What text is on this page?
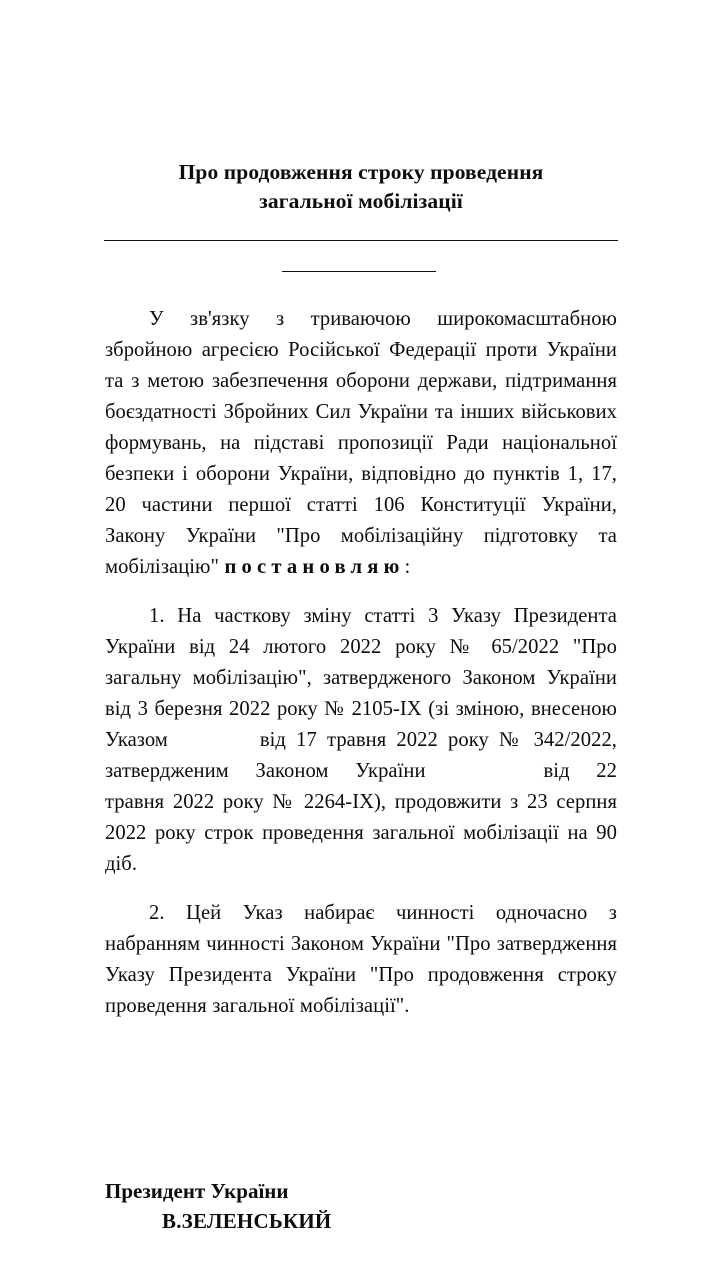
Про продовження строку проведення
загальної мобілізації

У зв'язку з триваючою широкомасштабною збройною агресією Російської Федерації проти України та з метою забезпечення оборони держави, підтримання боєздатності Збройних Сил України та інших військових формувань, на підставі пропозиції Ради національної безпеки і оборони України, відповідно до пунктів 1, 17, 20 частини першої статті 106 Конституції України, Закону України "Про мобілізаційну підготовку та мобілізацію" постановляю:

1. На часткову зміну статті 3 Указу Президента України від 24 лютого 2022 року № 65/2022 "Про загальну мобілізацію", затвердженого Законом України від 3 березня 2022 року № 2105-IX (зі зміною, внесеною Указом	від 17 травня 2022 року № 342/2022, затвердженим Законом України	від 22 травня 2022 року № 2264-IX), продовжити з 23 серпня 2022 року строк проведення загальної мобілізації на 90 діб.

2. Цей Указ набирає чинності одночасно з набранням чинності Законом України "Про затвердження Указу Президента України "Про продовження строку проведення загальної мобілізації".

Президент України
В.ЗЕЛЕНСЬКИЙ
